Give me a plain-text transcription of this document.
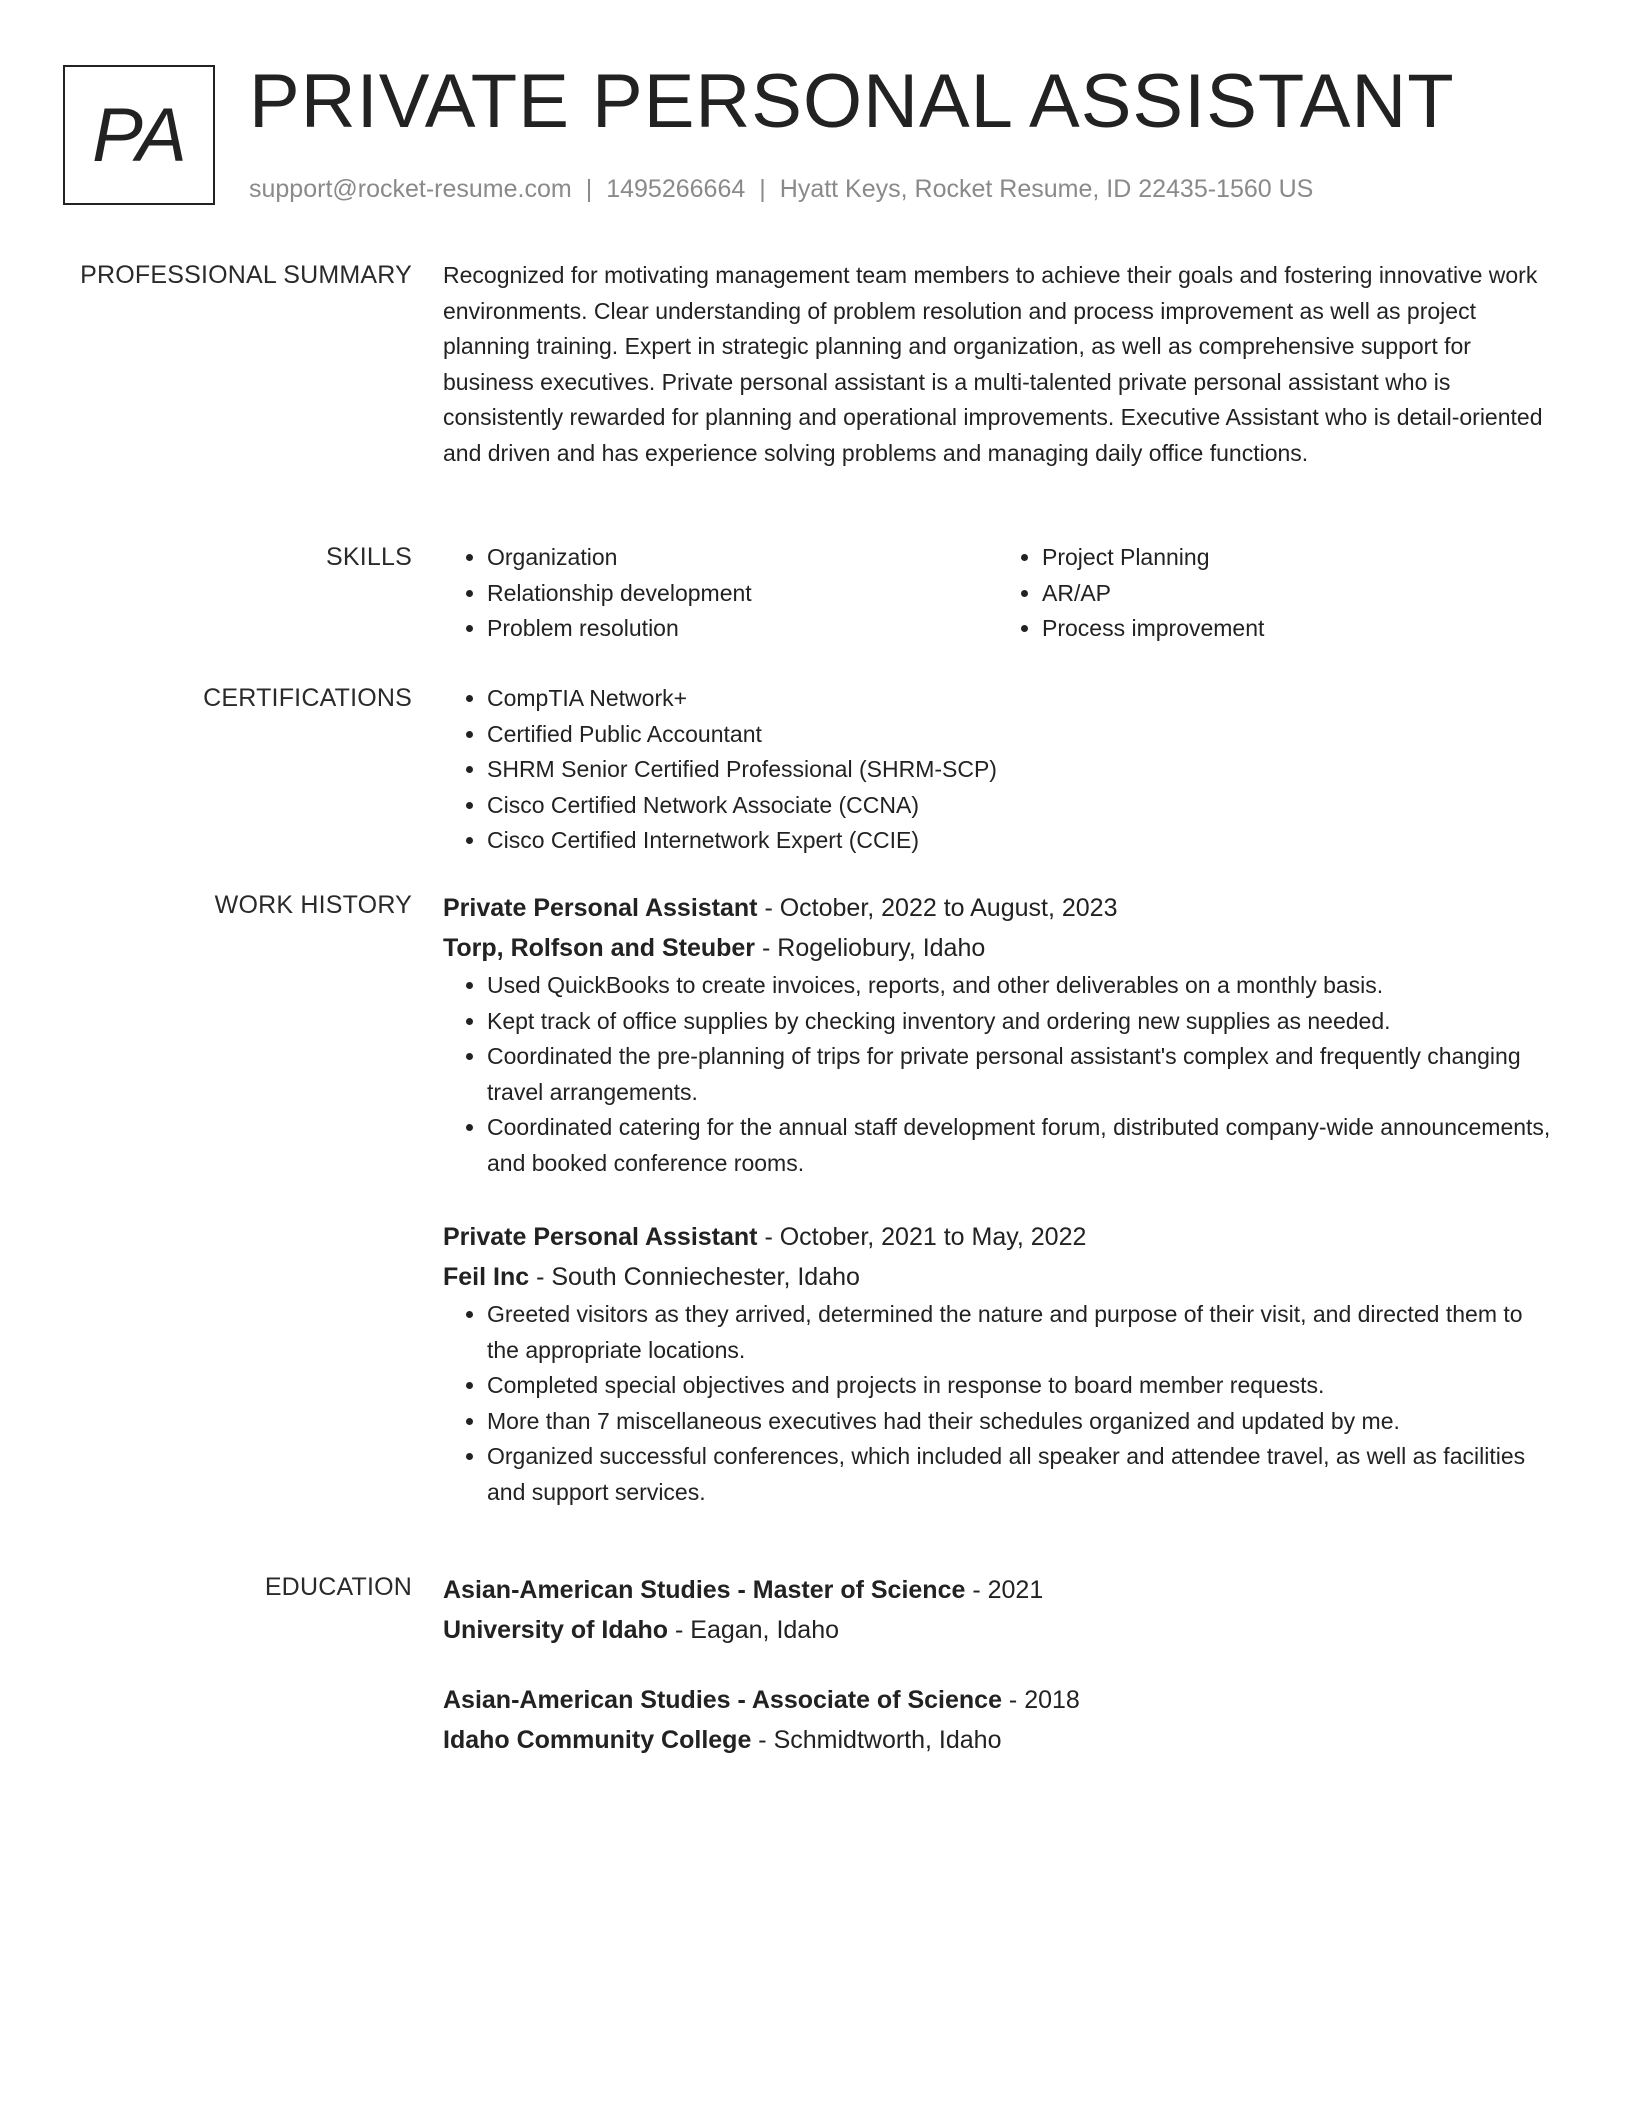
PA PRIVATE PERSONAL ASSISTANT
support@rocket-resume.com | 1495266664 | Hyatt Keys, Rocket Resume, ID 22435-1560 US
PROFESSIONAL SUMMARY Recognized for motivating management team members to achieve their goals and fostering innovative work environments. Clear understanding of problem resolution and process improvement as well as project planning training. Expert in strategic planning and organization, as well as comprehensive support for business executives. Private personal assistant is a multi-talented private personal assistant who is consistently rewarded for planning and operational improvements. Executive Assistant who is detail-oriented and driven and has experience solving problems and managing daily office functions.

SKILLS	• Organization
• Relationship development
• Problem resolution
• Project Planning
• AR/AP
• Process improvement
CERTIFICATIONS	• CompTIA Network+
• Certified Public Accountant
• SHRM Senior Certified Professional (SHRM-SCP)
• Cisco Certified Network Associate (CCNA)
• Cisco Certified Internetwork Expert (CCIE)
WORK HISTORY Private Personal Assistant - October, 2022 to August, 2023
Torp, Rolfson and Steuber - Rogeliobury, Idaho
• Used QuickBooks to create invoices, reports, and other deliverables on a monthly basis.
• Kept track of office supplies by checking inventory and ordering new supplies as needed.
• Coordinated the pre-planning of trips for private personal assistant's complex and frequently changing travel arrangements.
• Coordinated catering for the annual staff development forum, distributed company-wide announcements, and booked conference rooms.
Private Personal Assistant - October, 2021 to May, 2022
Feil Inc - South Conniechester, Idaho
• Greeted visitors as they arrived, determined the nature and purpose of their visit, and directed them to the appropriate locations.
• Completed special objectives and projects in response to board member requests.
• More than 7 miscellaneous executives had their schedules organized and updated by me.
• Organized successful conferences, which included all speaker and attendee travel, as well as facilities and support services.
EDUCATION Asian-American Studies - Master of Science - 2021
University of Idaho - Eagan, Idaho
Asian-American Studies - Associate of Science - 2018
Idaho Community College - Schmidtworth, Idaho
